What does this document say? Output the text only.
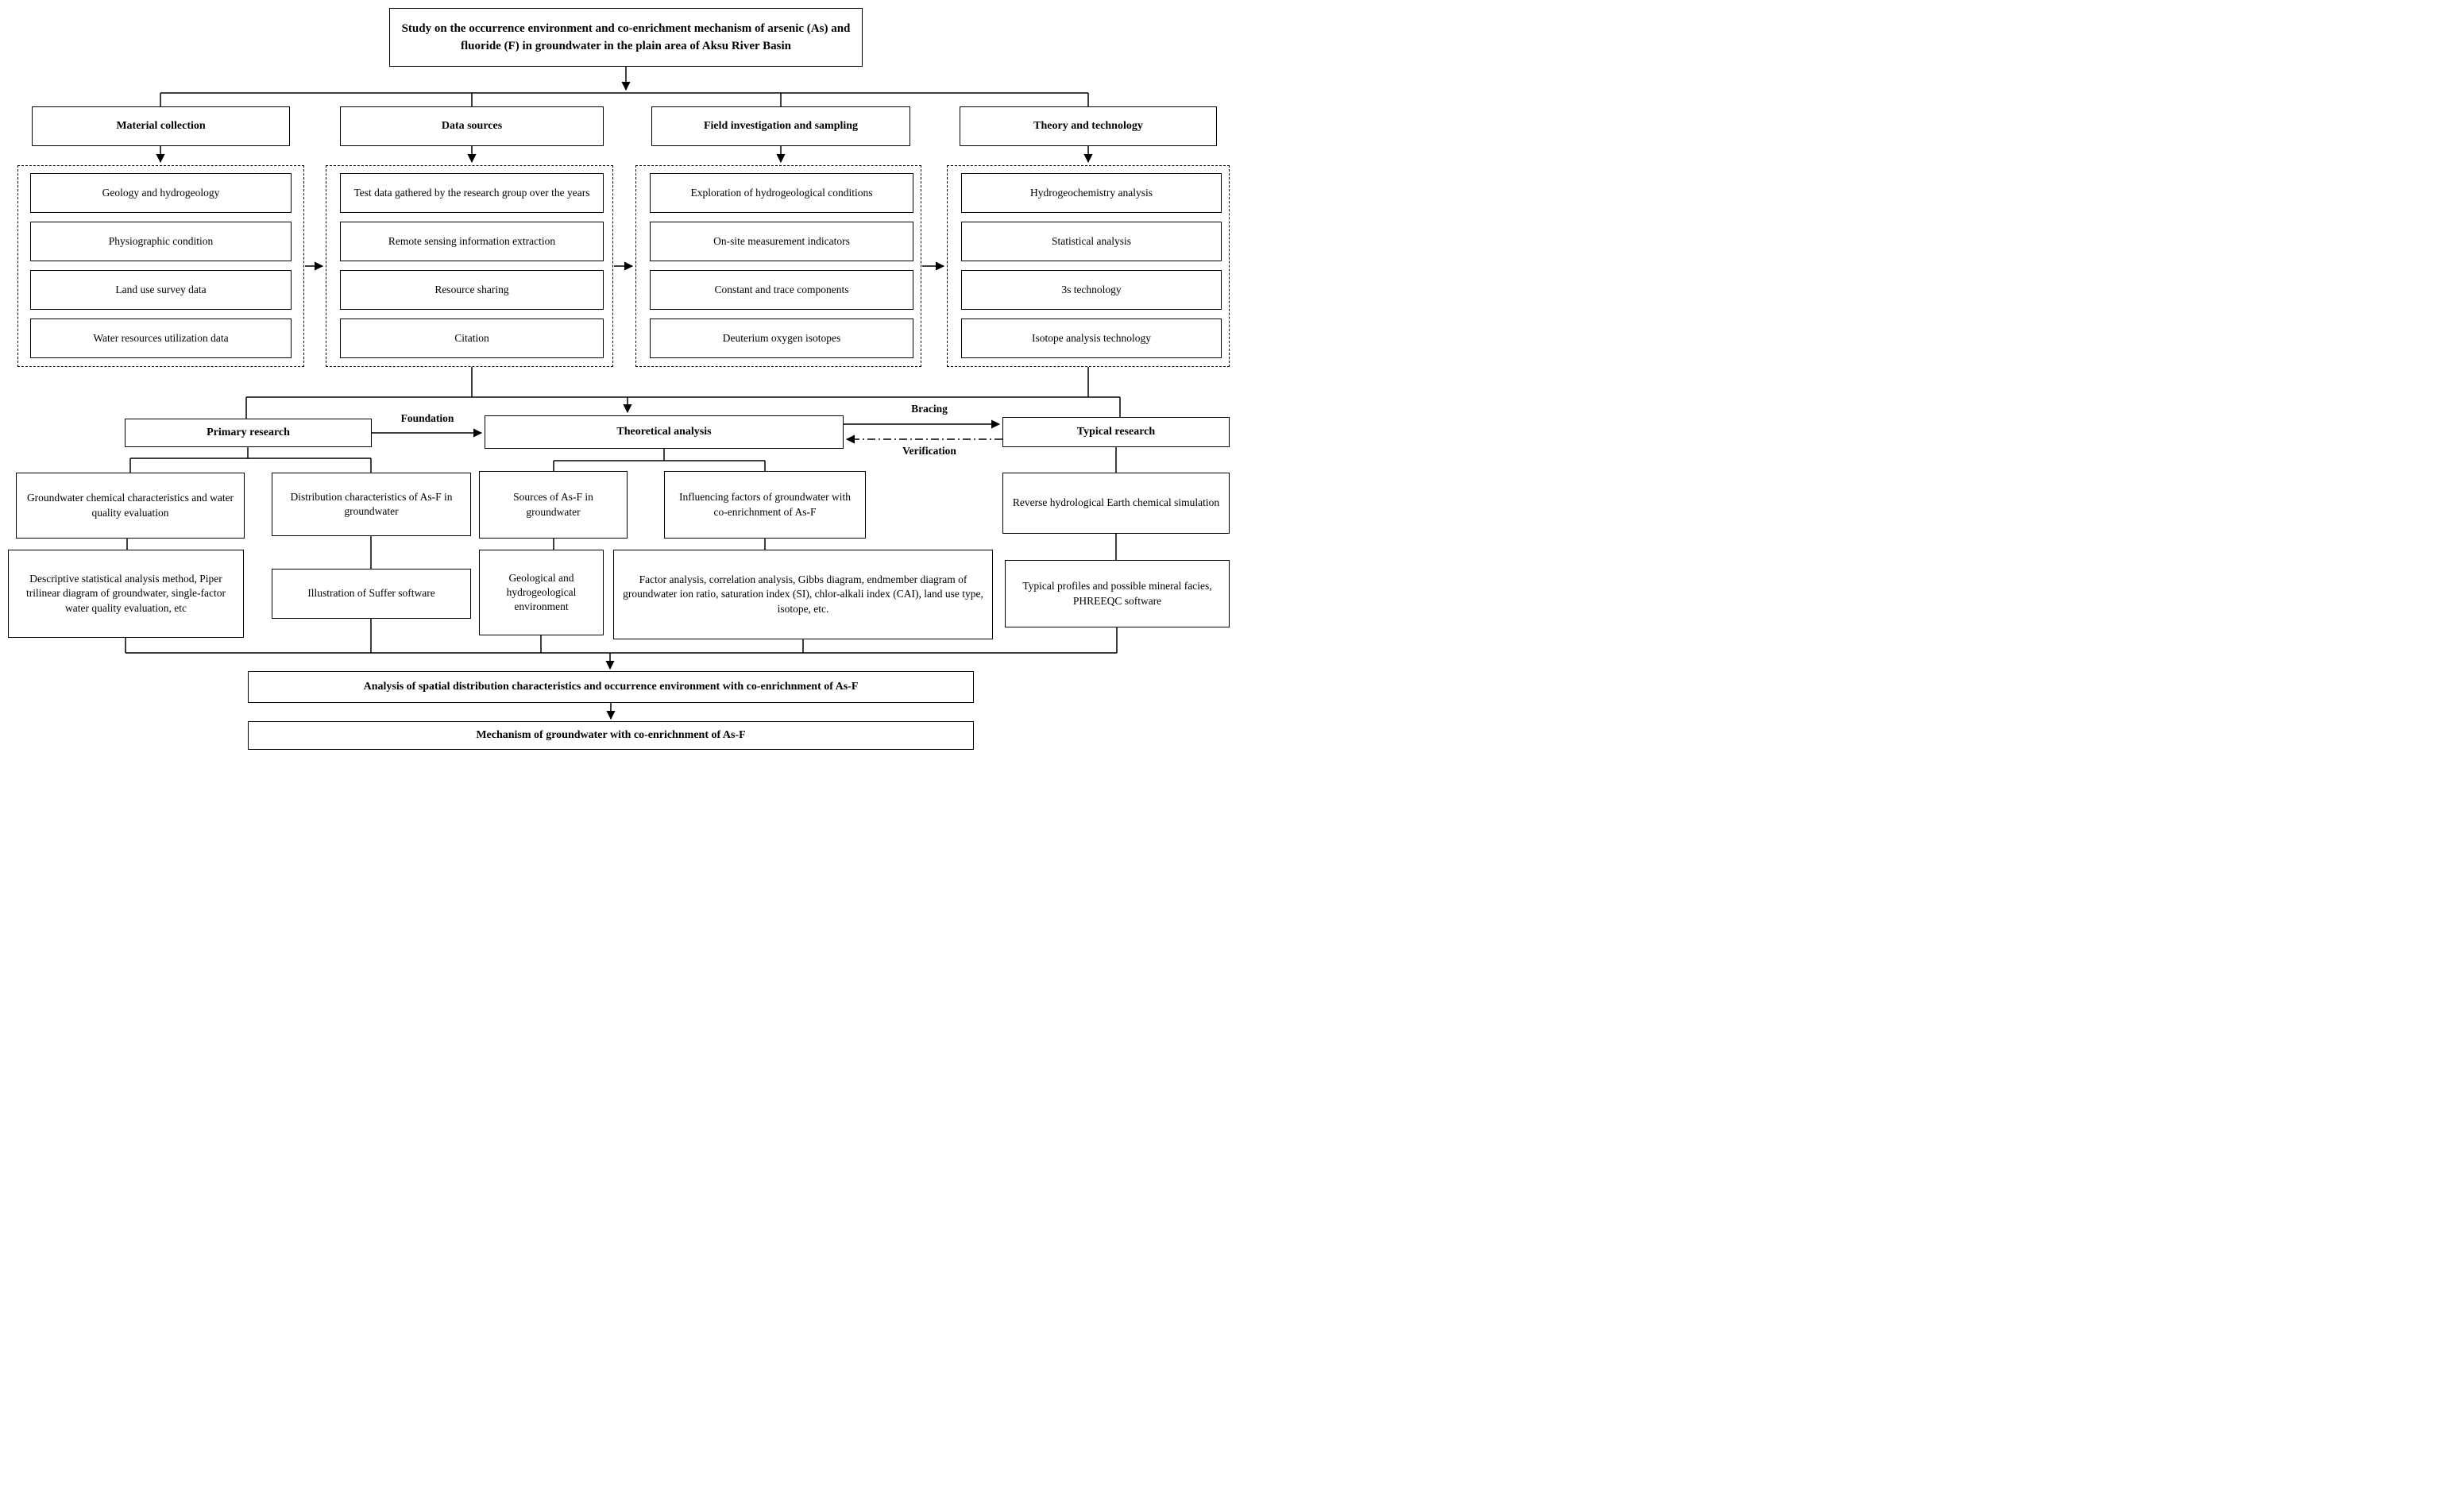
Study on the occurrence environment and co-enrichment mechanism of arsenic (As) and fluoride (F) in groundwater in the plain area of Aksu River Basin
Material collection	Data sources	Field investigation and sampling	Theory and technology
Geology and hydrogeology
Physiographic condition
Land use survey data
Water resources utilization data
Test data gathered by the research group over the years
Remote sensing information extraction
Resource sharing
Citation
Exploration of hydrogeological conditions
On-site measurement indicators
Constant and trace components
Deuterium oxygen isotopes
Hydrogeochemistry analysis
Statistical analysis
3s technology
Isotope analysis technology
Primary research
Foundation
Theoretical analysis
Bracing
Verification
Typical research
Groundwater chemical characteristics and water quality evaluation
Distribution characteristics of As-F in groundwater
Descriptive statistical analysis method, Piper trilinear diagram of groundwater, single-factor water quality evaluation, etc
Illustration of Suffer software
Sources of As-F in groundwater
Influencing factors of groundwater with co-enrichnment of As-F
Geological and hydrogeological environment
Factor analysis, correlation analysis, Gibbs diagram, endmember diagram of groundwater ion ratio, saturation index (SI), chlor-alkali index (CAI), land use type, isotope, etc.
Reverse hydrological Earth chemical simulation
Typical profiles and possible mineral facies, PHREEQC software
Analysis of spatial distribution characteristics and occurrence environment with co-enrichnment of As-F
Mechanism of groundwater with co-enrichnment of As-F
